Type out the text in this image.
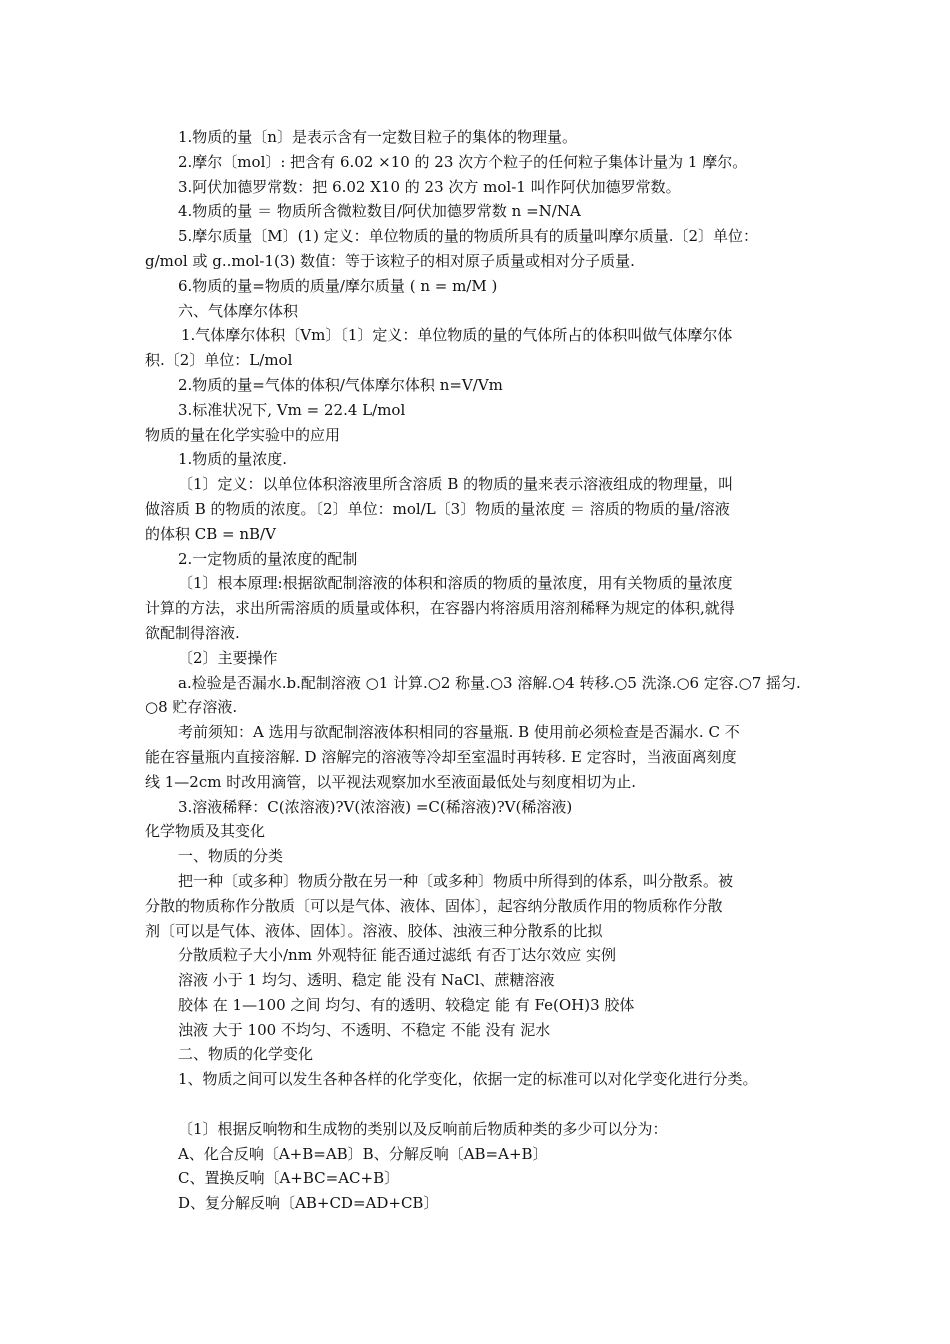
1.物质的量〔n〕是表示含有一定数目粒子的集体的物理量。
2.摩尔〔mol〕: 把含有 6.02 ×10 的 23 次方个粒子的任何粒子集体计量为 1 摩尔。
3.阿伏加德罗常数：把 6.02 X10 的 23 次方 mol-1 叫作阿伏加德罗常数。
4.物质的量 ＝ 物质所含微粒数目/阿伏加德罗常数 n =N/NA
5.摩尔质量〔M〕(1) 定义：单位物质的量的物质所具有的质量叫摩尔质量.〔2〕单位：
g/mol 或 g..mol-1(3) 数值：等于该粒子的相对原子质量或相对分子质量.
6.物质的量=物质的质量/摩尔质量 ( n = m/M )
六、气体摩尔体积
1.气体摩尔体积〔Vm〕〔1〕定义：单位物质的量的气体所占的体积叫做气体摩尔体
积.〔2〕单位：L/mol
2.物质的量=气体的体积/气体摩尔体积 n=V/Vm
3.标准状况下, Vm = 22.4 L/mol
物质的量在化学实验中的应用
1.物质的量浓度.
〔1〕定义：以单位体积溶液里所含溶质 B 的物质的量来表示溶液组成的物理量，叫
做溶质 B 的物质的浓度。〔2〕单位：mol/L〔3〕物质的量浓度 ＝ 溶质的物质的量/溶液
的体积 CB = nB/V
2.一定物质的量浓度的配制
〔1〕根本原理:根据欲配制溶液的体积和溶质的物质的量浓度，用有关物质的量浓度
计算的方法，求出所需溶质的质量或体积，在容器内将溶质用溶剂稀释为规定的体积,就得
欲配制得溶液.
〔2〕主要操作
a.检验是否漏水.b.配制溶液 ○1 计算.○2 称量.○3 溶解.○4 转移.○5 洗涤.○6 定容.○7 摇匀.
○8 贮存溶液.
考前须知：A 选用与欲配制溶液体积相同的容量瓶. B 使用前必须检查是否漏水. C 不
能在容量瓶内直接溶解. D 溶解完的溶液等冷却至室温时再转移. E 定容时，当液面离刻度
线 1—2cm 时改用滴管，以平视法观察加水至液面最低处与刻度相切为止.
3.溶液稀释：C(浓溶液)?V(浓溶液) =C(稀溶液)?V(稀溶液)
化学物质及其变化
一、物质的分类
把一种〔或多种〕物质分散在另一种〔或多种〕物质中所得到的体系，叫分散系。被
分散的物质称作分散质〔可以是气体、液体、固体〕，起容纳分散质作用的物质称作分散
剂〔可以是气体、液体、固体〕。溶液、胶体、浊液三种分散系的比拟
分散质粒子大小/nm 外观特征 能否通过滤纸 有否丁达尔效应 实例
溶液 小于 1 均匀、透明、稳定 能 没有 NaCl、蔗糖溶液
胶体 在 1—100 之间 均匀、有的透明、较稳定 能 有 Fe(OH)3 胶体
浊液 大于 100 不均匀、不透明、不稳定 不能 没有 泥水
二、物质的化学变化
1、物质之间可以发生各种各样的化学变化，依据一定的标准可以对化学变化进行分类。
〔1〕根据反响物和生成物的类别以及反响前后物质种类的多少可以分为：
A、化合反响〔A+B=AB〕B、分解反响〔AB=A+B〕
C、置换反响〔A+BC=AC+B〕
D、复分解反响〔AB+CD=AD+CB〕
